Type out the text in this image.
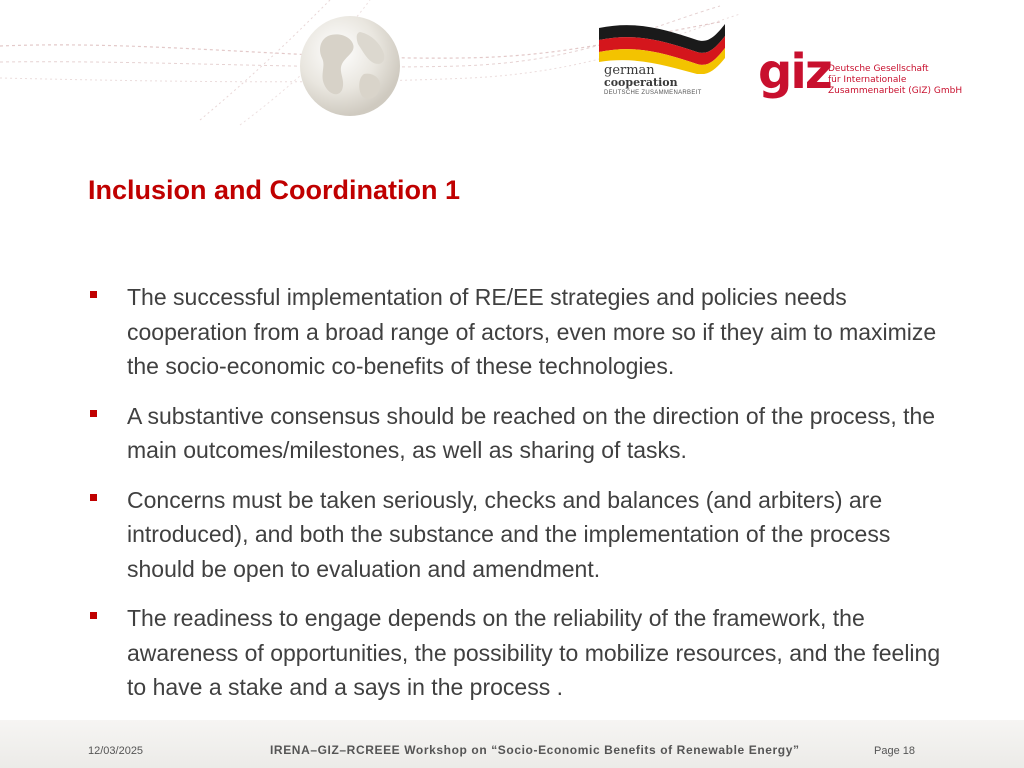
german
cooperation
DEUTSCHE ZUSAMMENARBEIT giz
Deutsche Gesellschaft
für Internationale
Zusammenarbeit (GIZ) GmbH
Inclusion and Coordination 1
The successful implementation of RE/EE strategies and policies needs cooperation from a broad range of actors, even more so if they aim to maximize the socio-economic co-benefits of these technologies.
A substantive consensus should be reached on the direction of the process, the main outcomes/milestones, as well as sharing of tasks.
Concerns must be taken seriously, checks and balances (and arbiters) are introduced), and both the substance and the implementation of the process should be open to evaluation and amendment.
The readiness to engage depends on the reliability of the framework, the awareness of opportunities, the possibility to mobilize resources, and the feeling to have a stake and a says in the process .
12/03/2025	IRENA–GIZ–RCREEE Workshop on “Socio-Economic Benefits of Renewable Energy”	Page 18
